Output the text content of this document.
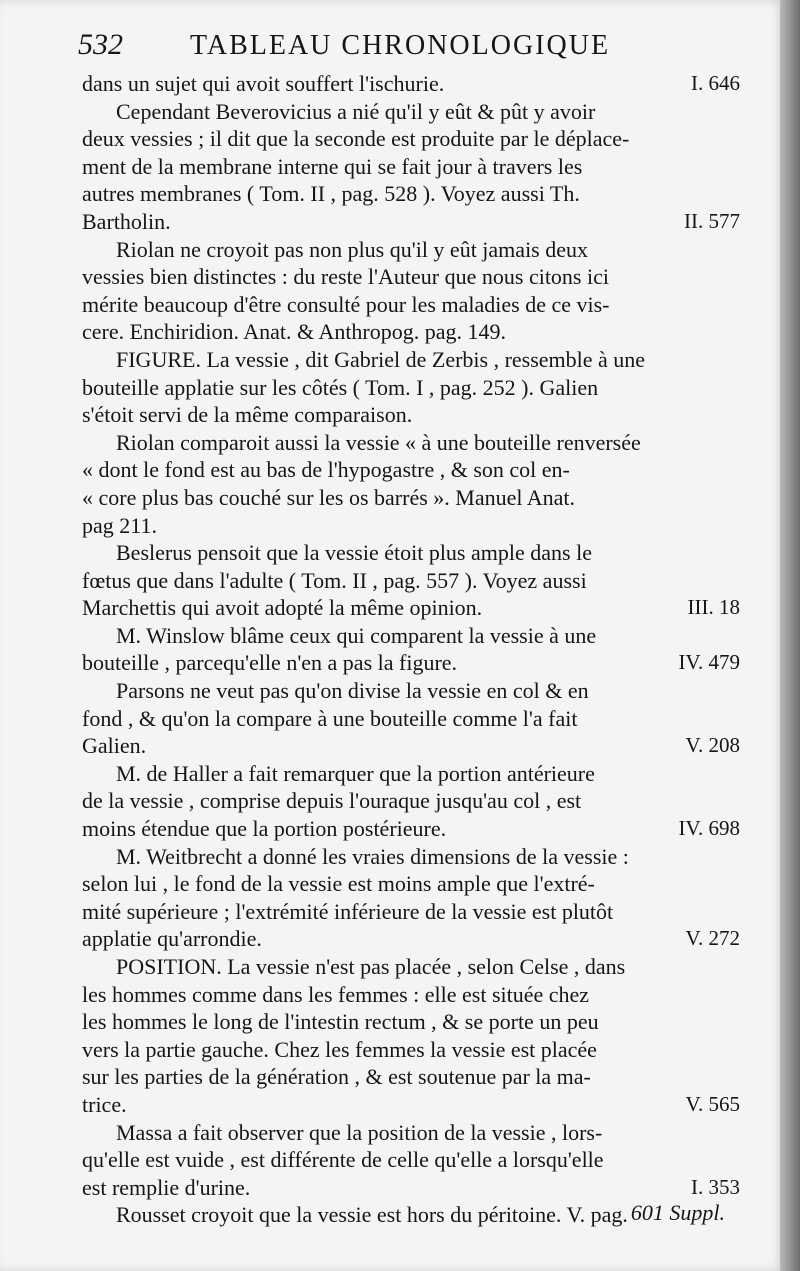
532 TABLEAU CHRONOLOGIQUE
I. 646
dans un sujet qui avoit souffert l'ischurie.
Cependant Beverovicius a nié qu'il y eût & pût y avoir
deux vessies ; il dit que la seconde est produite par le déplace-
ment de la membrane interne qui se fait jour à travers les
autres membranes ( Tom. II , pag. 528 ). Voyez aussi Th.
II. 577
Bartholin.
Riolan ne croyoit pas non plus qu'il y eût jamais deux
vessies bien distinctes : du reste l'Auteur que nous citons ici
mérite beaucoup d'être consulté pour les maladies de ce vis-
cere. Enchiridion. Anat. & Anthropog. pag. 149.
FIGURE. La vessie , dit Gabriel de Zerbis , ressemble à une
bouteille applatie sur les côtés ( Tom. I , pag. 252 ). Galien
s'étoit servi de la même comparaison.
Riolan comparoit aussi la vessie « à une bouteille renversée
« dont le fond est au bas de l'hypogastre , & son col en-
« core plus bas couché sur les os barrés ». Manuel Anat.
pag 211.
Beslerus pensoit que la vessie étoit plus ample dans le
fœtus que dans l'adulte ( Tom. II , pag. 557 ). Voyez aussi
III. 18
Marchettis qui avoit adopté la même opinion.
M. Winslow blâme ceux qui comparent la vessie à une
IV. 479
bouteille , parcequ'elle n'en a pas la figure.
Parsons ne veut pas qu'on divise la vessie en col & en
fond , & qu'on la compare à une bouteille comme l'a fait
V. 208
Galien.
M. de Haller a fait remarquer que la portion antérieure
de la vessie , comprise depuis l'ouraque jusqu'au col , est
IV. 698
moins étendue que la portion postérieure.
M. Weitbrecht a donné les vraies dimensions de la vessie :
selon lui , le fond de la vessie est moins ample que l'extré-
mité supérieure ; l'extrémité inférieure de la vessie est plutôt
V. 272
applatie qu'arrondie.
POSITION. La vessie n'est pas placée , selon Celse , dans
les hommes comme dans les femmes : elle est située chez
les hommes le long de l'intestin rectum , & se porte un peu
vers la partie gauche. Chez les femmes la vessie est placée
sur les parties de la génération , & est soutenue par la ma-
V. 565
trice.
Massa a fait observer que la position de la vessie , lors-
qu'elle est vuide , est différente de celle qu'elle a lorsqu'elle
I. 353
est remplie d'urine.
Rousset croyoit que la vessie est hors du péritoine. V. pag. 601 Suppl.
